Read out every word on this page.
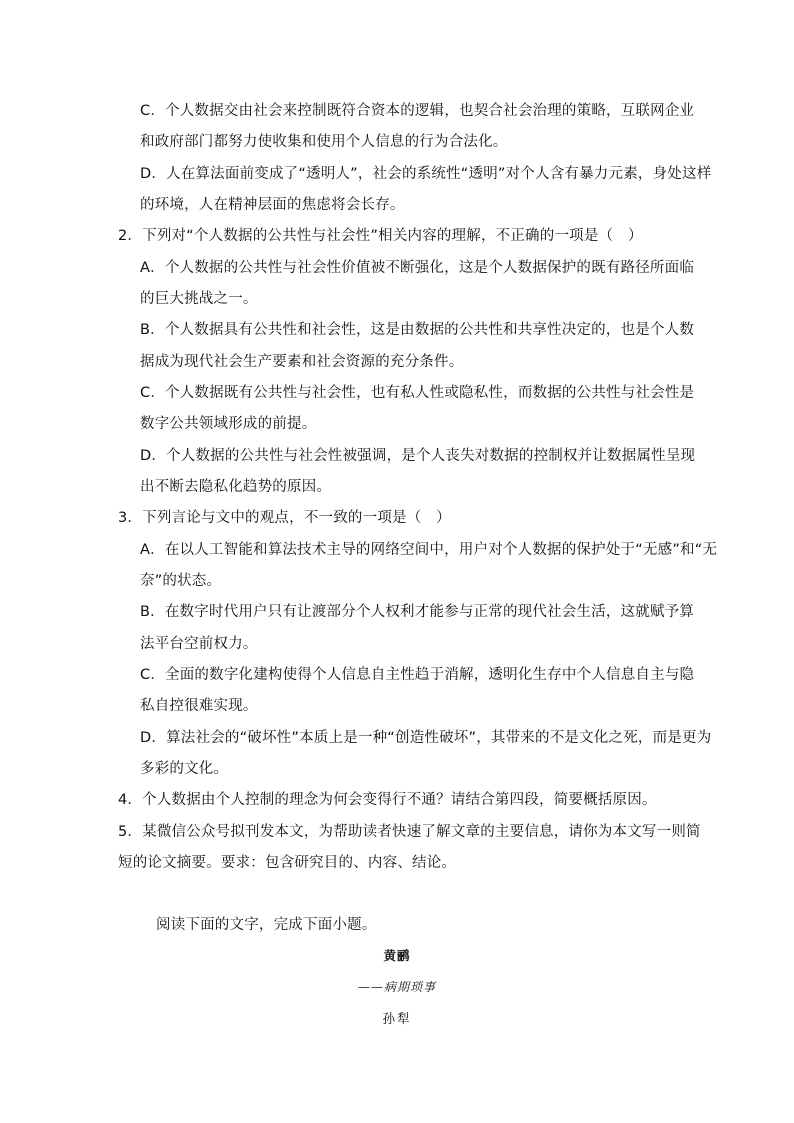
C．个人数据交由社会来控制既符合资本的逻辑，也契合社会治理的策略，互联网企业
和政府部门都努力使收集和使用个人信息的行为合法化。
D．人在算法面前变成了“透明人”，社会的系统性“透明”对个人含有暴力元素，身处这样
的环境，人在精神层面的焦虑将会长存。
2．下列对“个人数据的公共性与社会性”相关内容的理解，不正确的一项是（　）
A．个人数据的公共性与社会性价值被不断强化，这是个人数据保护的既有路径所面临
的巨大挑战之一。
B．个人数据具有公共性和社会性，这是由数据的公共性和共享性决定的，也是个人数
据成为现代社会生产要素和社会资源的充分条件。
C．个人数据既有公共性与社会性，也有私人性或隐私性，而数据的公共性与社会性是
数字公共领域形成的前提。
D．个人数据的公共性与社会性被强调，是个人丧失对数据的控制权并让数据属性呈现
出不断去隐私化趋势的原因。
3．下列言论与文中的观点，不一致的一项是（　）
A．在以人工智能和算法技术主导的网络空间中，用户对个人数据的保护处于“无感”和“无
奈”的状态。
B．在数字时代用户只有让渡部分个人权利才能参与正常的现代社会生活，这就赋予算
法平台空前权力。
C．全面的数字化建构使得个人信息自主性趋于消解，透明化生存中个人信息自主与隐
私自控很难实现。
D．算法社会的“破坏性”本质上是一种“创造性破坏”，其带来的不是文化之死，而是更为
多彩的文化。
4．个人数据由个人控制的理念为何会变得行不通？请结合第四段，简要概括原因。
5．某微信公众号拟刊发本文，为帮助读者快速了解文章的主要信息，请你为本文写一则简
短的论文摘要。要求：包含研究目的、内容、结论。
阅读下面的文字，完成下面小题。
黄鹂
——病期琐事
孙犁
